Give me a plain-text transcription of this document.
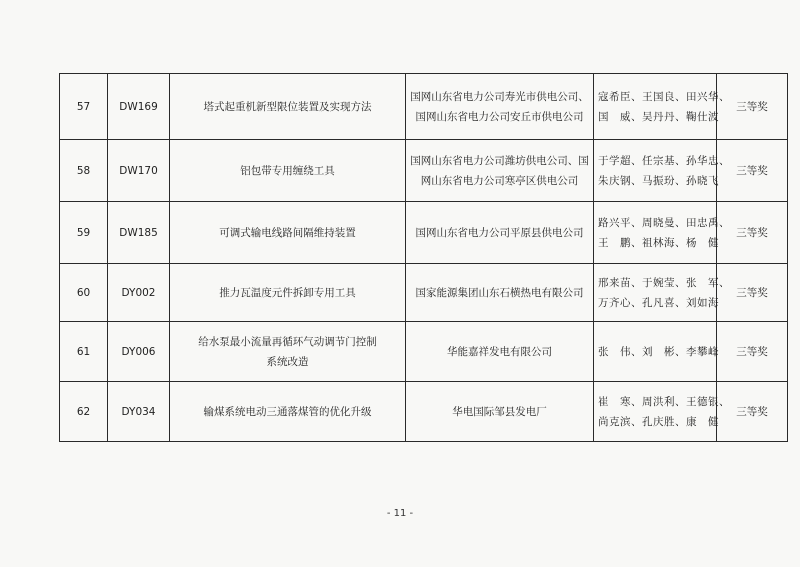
57	DW169	塔式起重机新型限位装置及实现方法	国网山东省电力公司寿光市供电公司、
国网山东省电力公司安丘市供电公司	寇希臣、王国良、田兴华、
国　威、吴丹丹、鞠仕波	三等奖
58	DW170	铝包带专用缠绕工具	国网山东省电力公司潍坊供电公司、国
网山东省电力公司寒亭区供电公司	于学超、任宗基、孙华忠、
朱庆钢、马振玢、孙晓飞	三等奖
59	DW185	可调式输电线路间隔维持装置	国网山东省电力公司平原县供电公司	路兴平、周晓曼、田忠禹、
王　鹏、祖林海、杨　健	三等奖
60	DY002	推力瓦温度元件拆卸专用工具	国家能源集团山东石横热电有限公司	邢来苗、于婉莹、张　军、
万齐心、孔凡喜、刘如海	三等奖
61	DY006	给水泵最小流量再循环气动调节门控制
系统改造	华能嘉祥发电有限公司	张　伟、刘　彬、李攀峰	三等奖
62	DY034	输煤系统电动三通落煤管的优化升级	华电国际邹县发电厂	崔　寒、周洪利、王德银、
尚克滨、孔庆胜、康　健	三等奖
- 11 -
